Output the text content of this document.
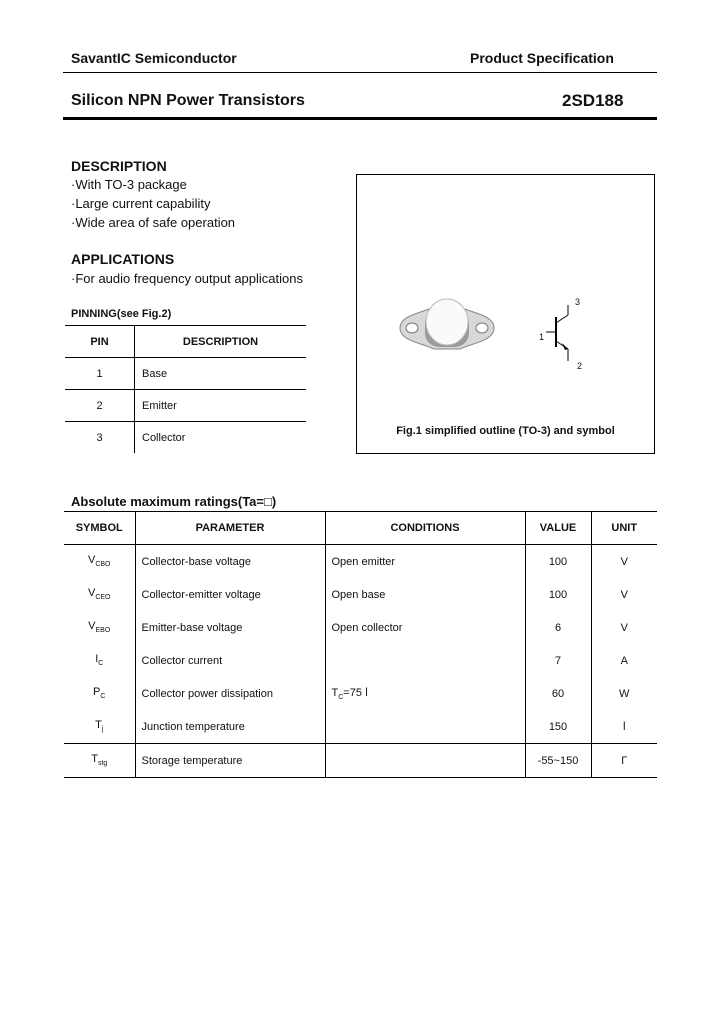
SavantIC Semiconductor	Product Specification
Silicon NPN Power Transistors	2SD188
DESCRIPTION
·With TO-3 package
·Large current capability
·Wide area of safe operation
APPLICATIONS
·For audio frequency output applications
PINNING(see Fig.2)
PIN	DESCRIPTION
1	Base
2	Emitter
3	Collector
3
1
2
Fig.1 simplified outline (TO-3) and symbol
Absolute maximum ratings(Ta=□)
SYMBOL	PARAMETER	CONDITIONS	VALUE	UNIT
$V_{CBO}$	Collector-base voltage	Open emitter	100	V
$V_{CEO}$	Collector-emitter voltage	Open base	100	V
$V_{EBO}$	Emitter-base voltage	Open collector	6	V
$I_C$	Collector current		7	A
$P_C$	Collector power dissipation	$T_C=75$ ⅼ	60	W
$T_j$	Junction temperature		150	ⅼ
$T_{stg}$	Storage temperature		-55~150	Γ
